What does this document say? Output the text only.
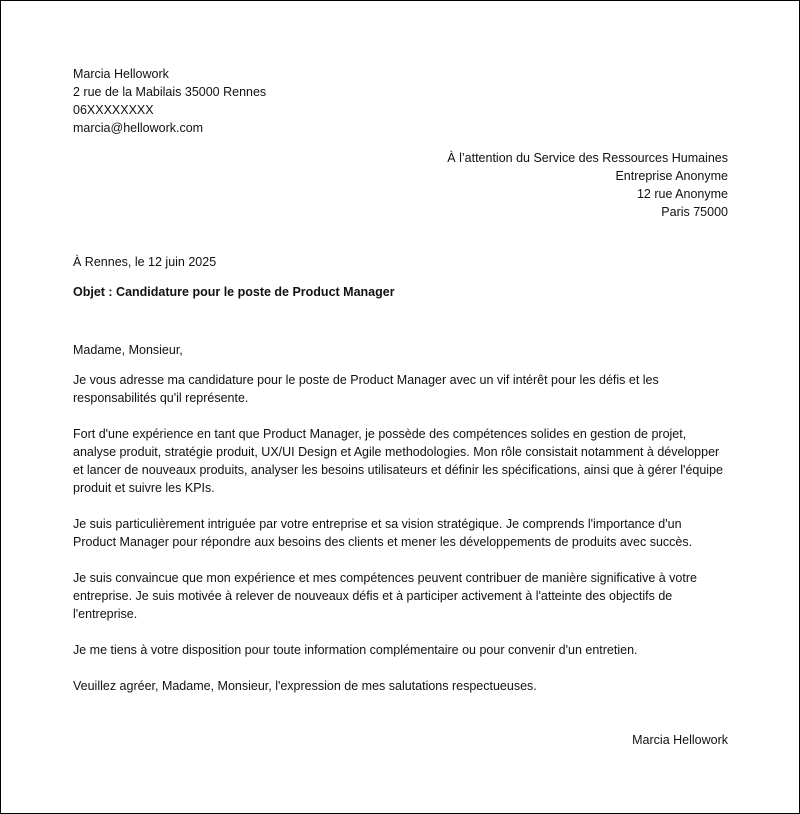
Marcia Hellowork
2 rue de la Mabilais 35000 Rennes
06XXXXXXXX
marcia@hellowork.com
À l’attention du Service des Ressources Humaines
Entreprise Anonyme
12 rue Anonyme
Paris 75000
À Rennes, le 12 juin 2025
Objet : Candidature pour le poste de Product Manager
Madame, Monsieur,

Je vous adresse ma candidature pour le poste de Product Manager avec un vif intérêt pour les défis et les responsabilités qu'il représente.

Fort d'une expérience en tant que Product Manager, je possède des compétences solides en gestion de projet, analyse produit, stratégie produit, UX/UI Design et Agile methodologies. Mon rôle consistait notamment à développer et lancer de nouveaux produits, analyser les besoins utilisateurs et définir les spécifications, ainsi que à gérer l'équipe produit et suivre les KPIs.

Je suis particulièrement intriguée par votre entreprise et sa vision stratégique. Je comprends l'importance d'un Product Manager pour répondre aux besoins des clients et mener les développements de produits avec succès.

Je suis convaincue que mon expérience et mes compétences peuvent contribuer de manière significative à votre entreprise. Je suis motivée à relever de nouveaux défis et à participer activement à l'atteinte des objectifs de l'entreprise.

Je me tiens à votre disposition pour toute information complémentaire ou pour convenir d'un entretien.

Veuillez agréer, Madame, Monsieur, l'expression de mes salutations respectueuses.

Marcia Hellowork
